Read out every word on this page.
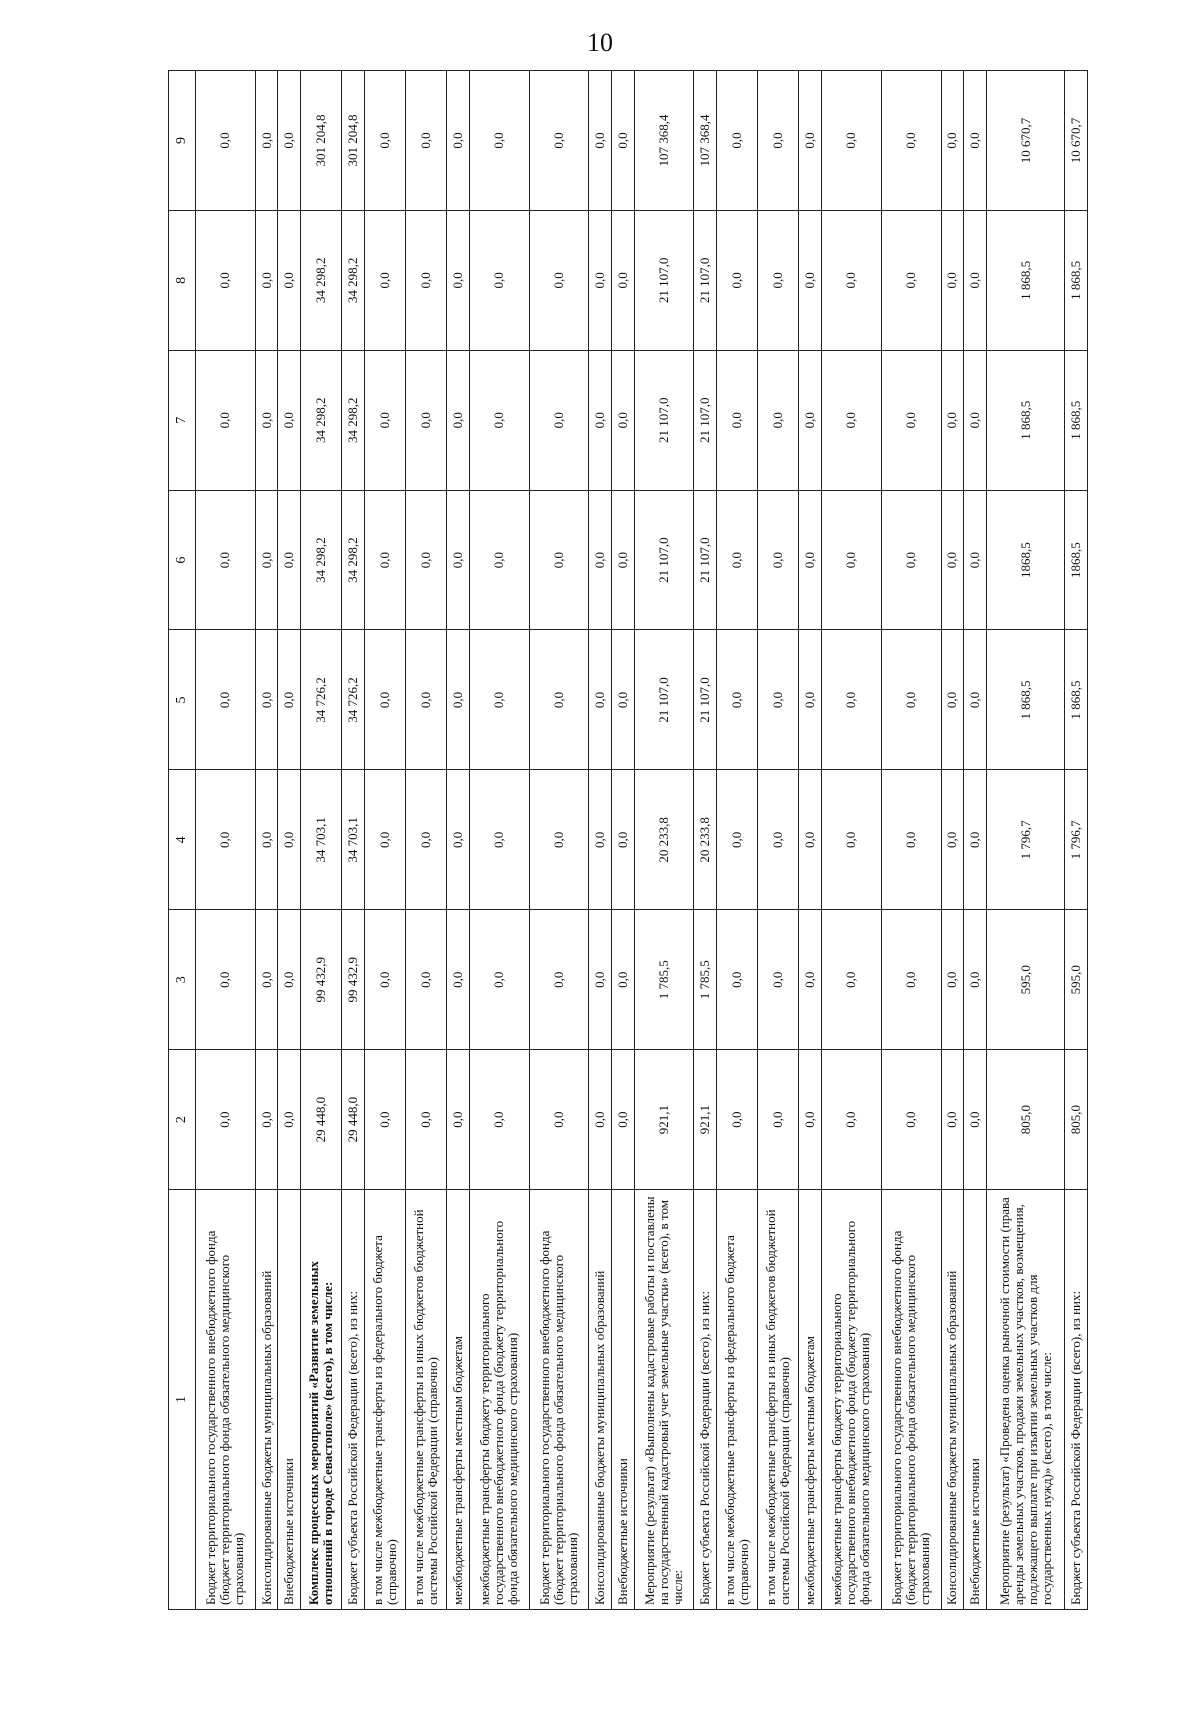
10
1	2	3	4	5	6	7	8	9
Бюджет территориального государственного внебюджетного фонда (бюджет территориального фонда обязательного медицинского страхования)	0,0	0,0	0,0	0,0	0,0	0,0	0,0	0,0
Консолидированные бюджеты муниципальных образований	0,0	0,0	0,0	0,0	0,0	0,0	0,0	0,0
Внебюджетные источники	0,0	0,0	0,0	0,0	0,0	0,0	0,0	0,0
Комплекс процессных мероприятий «Развитие земельных отношений в городе Севастополе» (всего), в том числе:	29 448,0	99 432,9	34 703,1	34 726,2	34 298,2	34 298,2	34 298,2	301 204,8
Бюджет субъекта Российской Федерации (всего), из них:	29 448,0	99 432,9	34 703,1	34 726,2	34 298,2	34 298,2	34 298,2	301 204,8
в том числе межбюджетные трансферты из федерального бюджета (справочно)	0,0	0,0	0,0	0,0	0,0	0,0	0,0	0,0
в том числе межбюджетные трансферты из иных бюджетов бюджетной системы Российской Федерации (справочно)	0,0	0,0	0,0	0,0	0,0	0,0	0,0	0,0
межбюджетные трансферты местным бюджетам	0,0	0,0	0,0	0,0	0,0	0,0	0,0	0,0
межбюджетные трансферты бюджету территориального государственного внебюджетного фонда (бюджету территориального фонда обязательного медицинского страхования)	0,0	0,0	0,0	0,0	0,0	0,0	0,0	0,0
Бюджет территориального государственного внебюджетного фонда (бюджет территориального фонда обязательного медицинского страхования)	0,0	0,0	0,0	0,0	0,0	0,0	0,0	0,0
Консолидированные бюджеты муниципальных образований	0,0	0,0	0,0	0,0	0,0	0,0	0,0	0,0
Внебюджетные источники	0,0	0,0	0,0	0,0	0,0	0,0	0,0	0,0
Мероприятие (результат) «Выполнены кадастровые работы и поставлены на государственный кадастровый учет земельные участки» (всего), в том числе:	921,1	1 785,5	20 233,8	21 107,0	21 107,0	21 107,0	21 107,0	107 368,4
Бюджет субъекта Российской Федерации (всего), из них:	921,1	1 785,5	20 233,8	21 107,0	21 107,0	21 107,0	21 107,0	107 368,4
в том числе межбюджетные трансферты из федерального бюджета (справочно)	0,0	0,0	0,0	0,0	0,0	0,0	0,0	0,0
в том числе межбюджетные трансферты из иных бюджетов бюджетной системы Российской Федерации (справочно)	0,0	0,0	0,0	0,0	0,0	0,0	0,0	0,0
межбюджетные трансферты местным бюджетам	0,0	0,0	0,0	0,0	0,0	0,0	0,0	0,0
межбюджетные трансферты бюджету территориального государственного внебюджетного фонда (бюджету территориального фонда обязательного медицинского страхования)	0,0	0,0	0,0	0,0	0,0	0,0	0,0	0,0
Бюджет территориального государственного внебюджетного фонда (бюджет территориального фонда обязательного медицинского страхования)	0,0	0,0	0,0	0,0	0,0	0,0	0,0	0,0
Консолидированные бюджеты муниципальных образований	0,0	0,0	0,0	0,0	0,0	0,0	0,0	0,0
Внебюджетные источники	0,0	0,0	0,0	0,0	0,0	0,0	0,0	0,0
Мероприятие (результат) «Проведена оценка рыночной стоимости (права аренды земельных участков, продажи земельных участков, возмещения, подлежащего выплате при изъятии земельных участков для государственных нужд)» (всего), в том числе:	805,0	595,0	1 796,7	1 868,5	1868,5	1 868,5	1 868,5	10 670,7
Бюджет субъекта Российской Федерации (всего), из них:	805,0	595,0	1 796,7	1 868,5	1868,5	1 868,5	1 868,5	10 670,7
